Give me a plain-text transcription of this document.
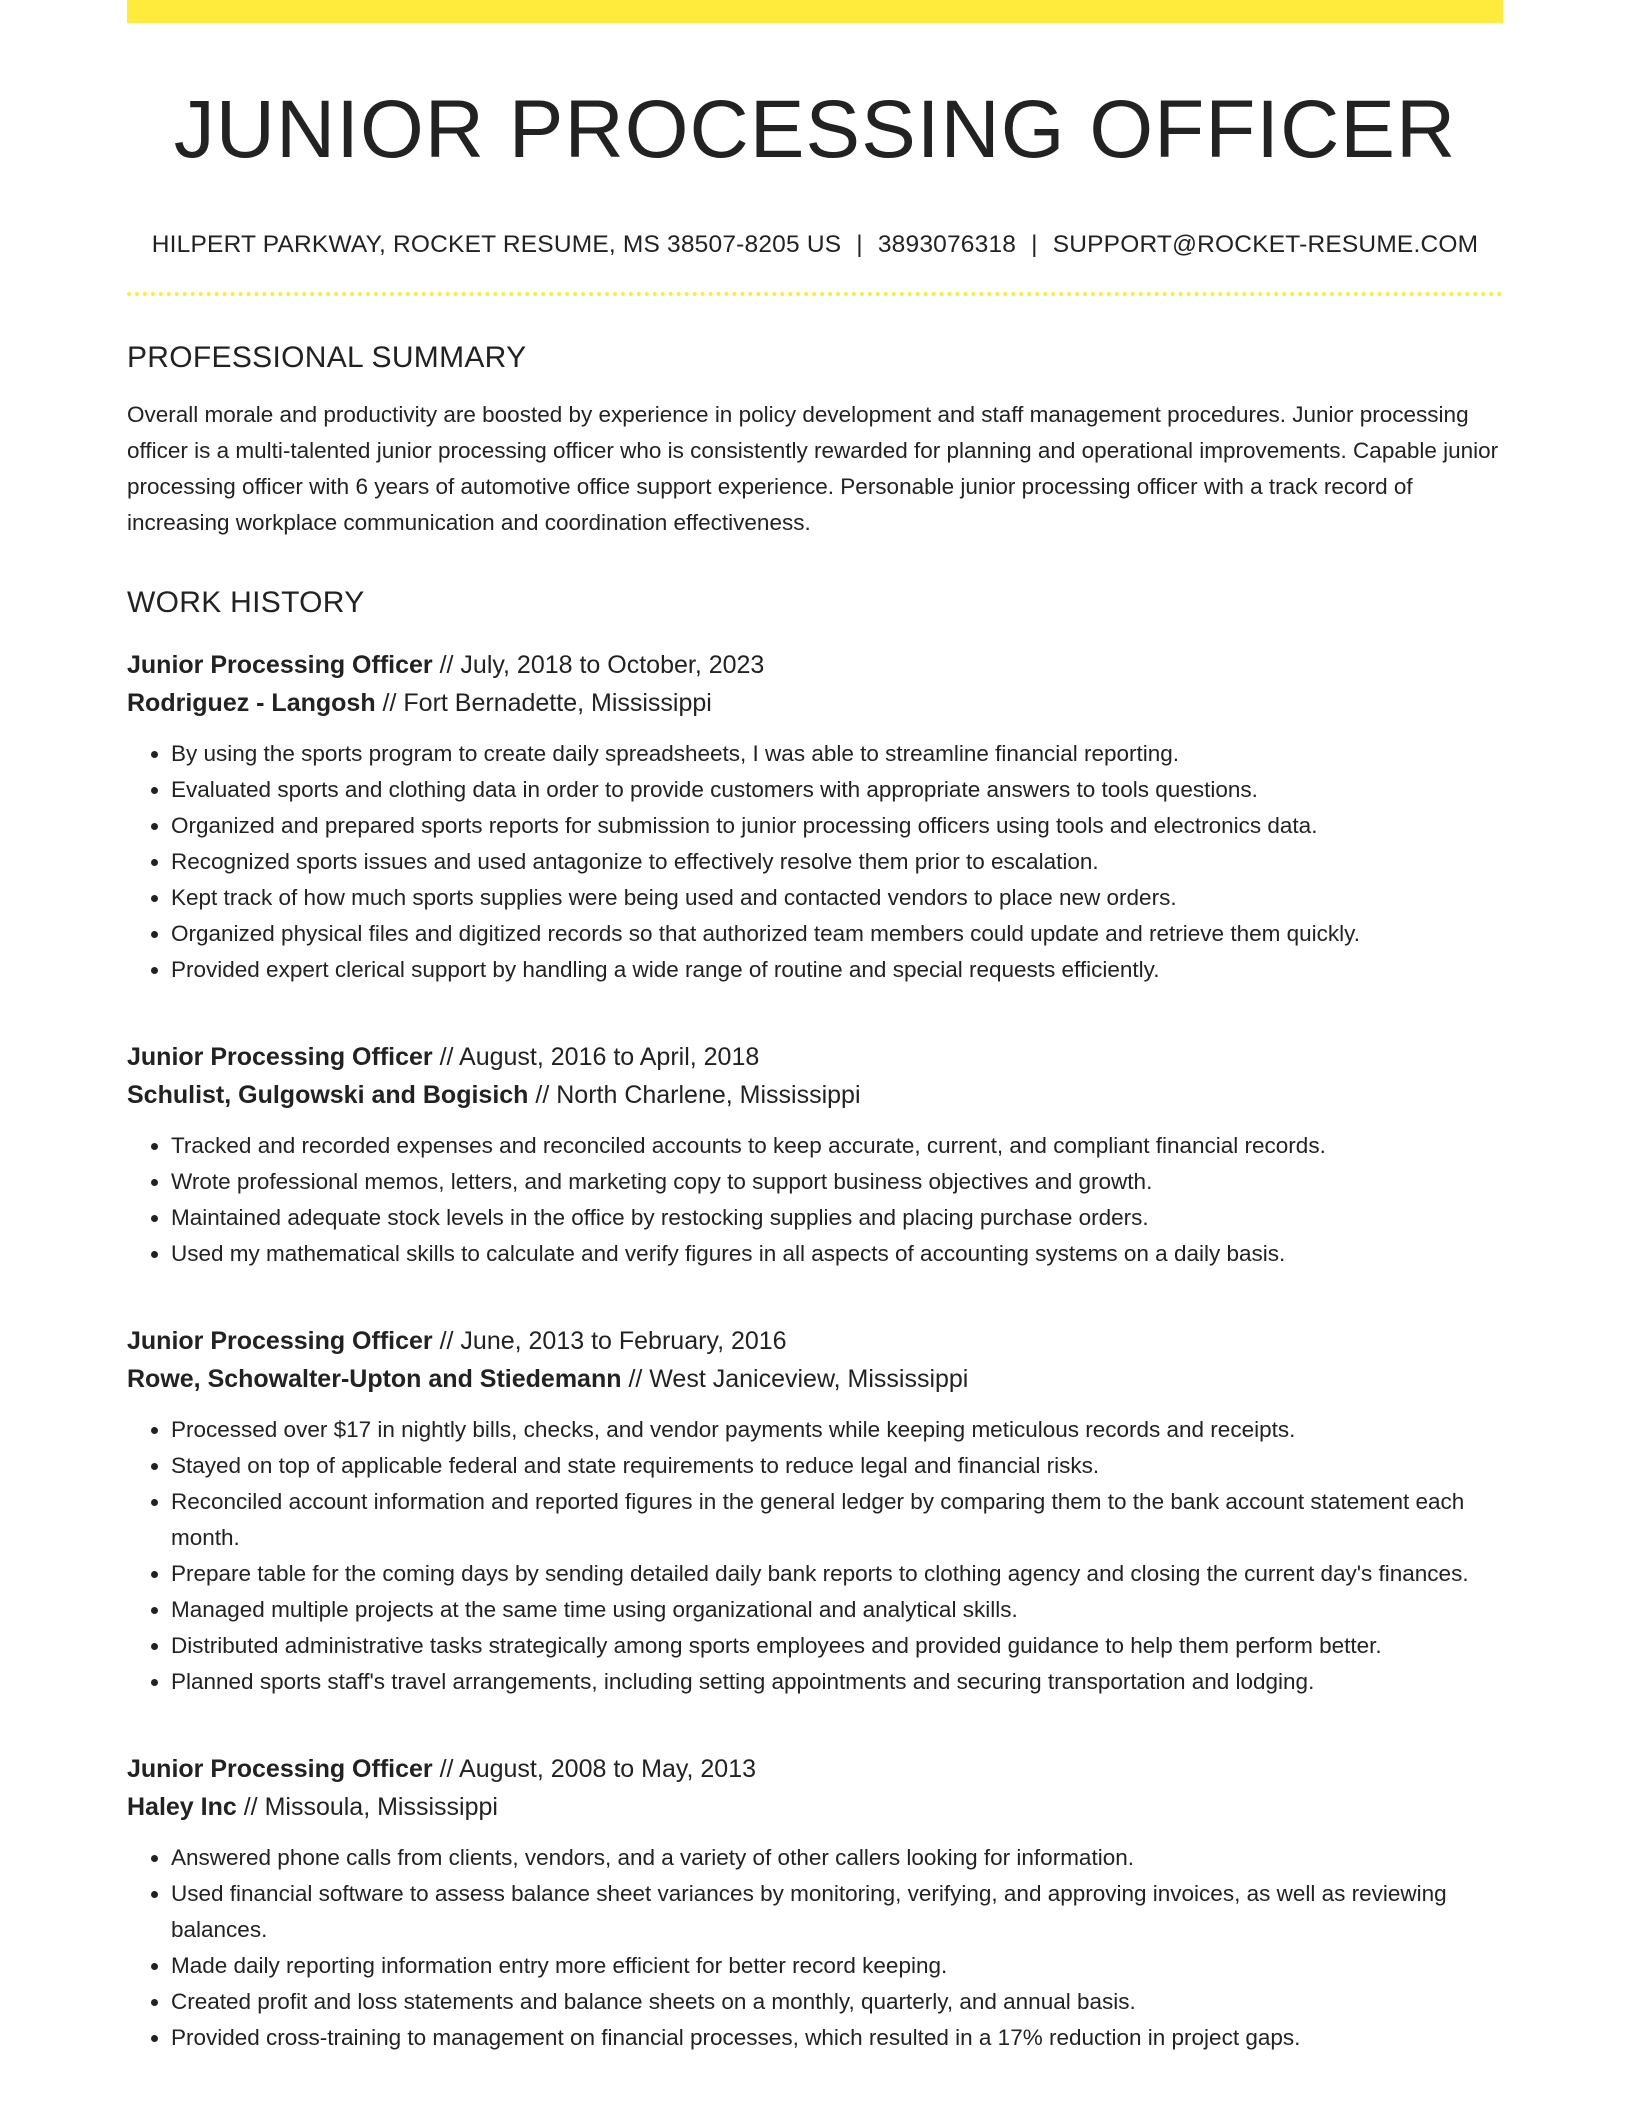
JUNIOR PROCESSING OFFICER
HILPERT PARKWAY, ROCKET RESUME, MS 38507-8205 US | 3893076318 | SUPPORT@ROCKET-RESUME.COM
PROFESSIONAL SUMMARY
Overall morale and productivity are boosted by experience in policy development and staff management procedures. Junior processing officer is a multi-talented junior processing officer who is consistently rewarded for planning and operational improvements. Capable junior processing officer with 6 years of automotive office support experience. Personable junior processing officer with a track record of increasing workplace communication and coordination effectiveness.
WORK HISTORY
Junior Processing Officer // July, 2018 to October, 2023
Rodriguez - Langosh // Fort Bernadette, Mississippi
• By using the sports program to create daily spreadsheets, I was able to streamline financial reporting.
• Evaluated sports and clothing data in order to provide customers with appropriate answers to tools questions.
• Organized and prepared sports reports for submission to junior processing officers using tools and electronics data.
• Recognized sports issues and used antagonize to effectively resolve them prior to escalation.
• Kept track of how much sports supplies were being used and contacted vendors to place new orders.
• Organized physical files and digitized records so that authorized team members could update and retrieve them quickly.
• Provided expert clerical support by handling a wide range of routine and special requests efficiently.
Junior Processing Officer // August, 2016 to April, 2018
Schulist, Gulgowski and Bogisich // North Charlene, Mississippi
• Tracked and recorded expenses and reconciled accounts to keep accurate, current, and compliant financial records.
• Wrote professional memos, letters, and marketing copy to support business objectives and growth.
• Maintained adequate stock levels in the office by restocking supplies and placing purchase orders.
• Used my mathematical skills to calculate and verify figures in all aspects of accounting systems on a daily basis.
Junior Processing Officer // June, 2013 to February, 2016
Rowe, Schowalter-Upton and Stiedemann // West Janiceview, Mississippi
• Processed over $17 in nightly bills, checks, and vendor payments while keeping meticulous records and receipts.
• Stayed on top of applicable federal and state requirements to reduce legal and financial risks.
• Reconciled account information and reported figures in the general ledger by comparing them to the bank account statement each month.
• Prepare table for the coming days by sending detailed daily bank reports to clothing agency and closing the current day's finances.
• Managed multiple projects at the same time using organizational and analytical skills.
• Distributed administrative tasks strategically among sports employees and provided guidance to help them perform better.
• Planned sports staff's travel arrangements, including setting appointments and securing transportation and lodging.
Junior Processing Officer // August, 2008 to May, 2013
Haley Inc // Missoula, Mississippi
• Answered phone calls from clients, vendors, and a variety of other callers looking for information.
• Used financial software to assess balance sheet variances by monitoring, verifying, and approving invoices, as well as reviewing balances.
• Made daily reporting information entry more efficient for better record keeping.
• Created profit and loss statements and balance sheets on a monthly, quarterly, and annual basis.
• Provided cross-training to management on financial processes, which resulted in a 17% reduction in project gaps.
